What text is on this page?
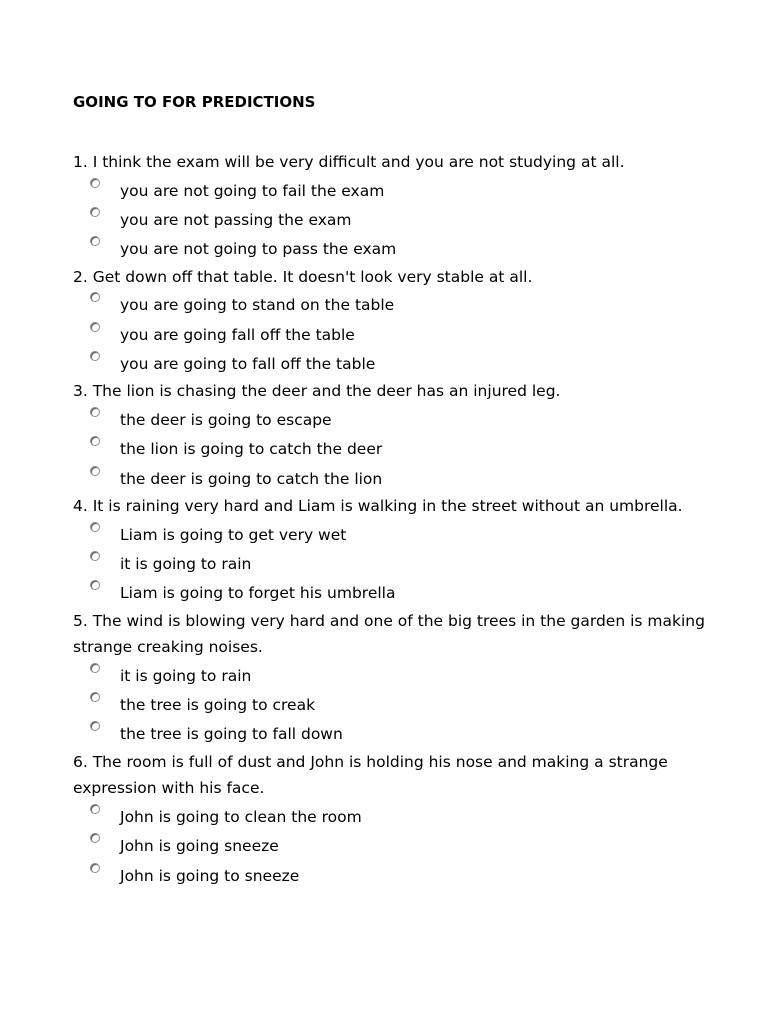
GOING TO FOR PREDICTIONS

1. I think the exam will be very difficult and you are not studying at all.

you are not going to fail the exam
you are not passing the exam
you are not going to pass the exam

2. Get down off that table. It doesn't look very stable at all.

you are going to stand on the table
you are going fall off the table
you are going to fall off the table

3. The lion is chasing the deer and the deer has an injured leg.

the deer is going to escape
the lion is going to catch the deer
the deer is going to catch the lion

4. It is raining very hard and Liam is walking in the street without an umbrella.

Liam is going to get very wet
it is going to rain
Liam is going to forget his umbrella

5. The wind is blowing very hard and one of the big trees in the garden is making strange creaking noises.

it is going to rain
the tree is going to creak
the tree is going to fall down

6. The room is full of dust and John is holding his nose and making a strange expression with his face.

John is going to clean the room
John is going sneeze
John is going to sneeze
